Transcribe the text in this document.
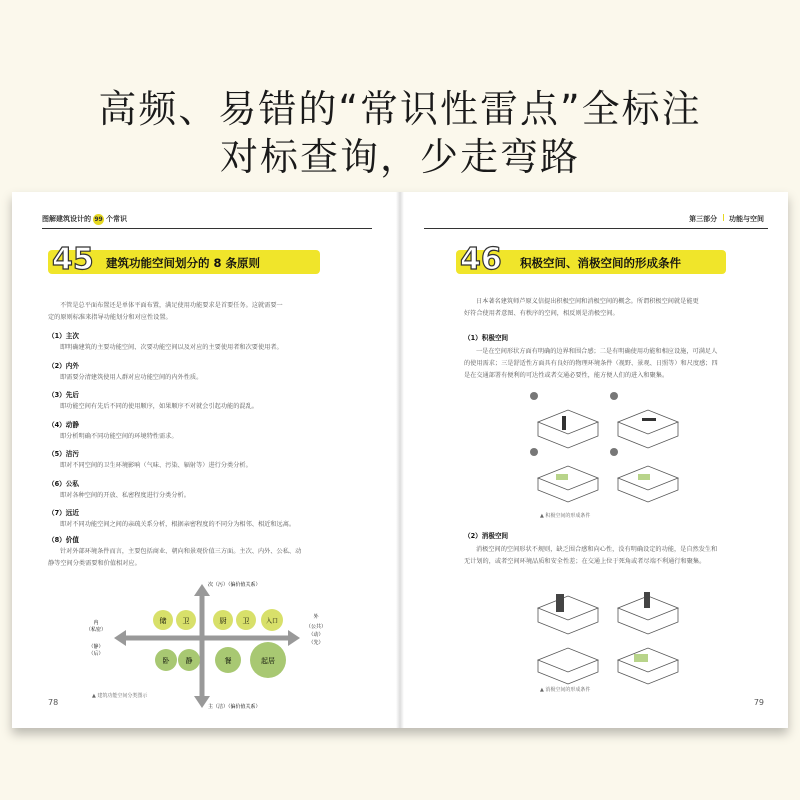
高频、易错的“常识性雷点”全标注
对标查询，少走弯路
图解建筑设计的 99 个常识
45 建筑功能空间划分的 8 条原则
不管是总平面布置还是单体平面布置，满足使用功能要求是首要任务。这就需要一
定的原则标准来指导功能划分和对应性设置。
（1）主次
即明确建筑的主要功能空间、次要功能空间以及对应的主要使用者和次要使用者。
（2）内外
即需要分清建筑使用人群对应功能空间的内外性质。
（3）先后
即功能空间有先后不同的使用顺序，如果顺序不对就会引起功能的混乱。
（4）动静
即分析明确不同功能空间的环境特性需求。
（5）洁污
即对不同空间的卫生环境影响（气味、污染、辐射等）进行分类分析。
（6）公私
即对各种空间的开放、私密程度进行分类分析。
（7）远近
即对不同功能空间之间的亲疏关系分析，根据亲密程度的不同分为相邻、相近和远离。
（8）价值
针对外部环境条件而言，主要包括商业、朝向和景观价值三方面。主次、内外、公私、动
静等空间分类需要和价值相对应。
储 卫	厨 卫	入口
卧 静	餐	起居
次（污）（偏价值关系）
主（洁）（偏价值关系）
内
（私密）
（静）
（后）
外
（公共）
（动）
（先）
▲ 建筑功能空间分类图示
78
第三部分 功能与空间
46 积极空间、消极空间的形成条件
日本著名建筑师芦原义信提出积极空间和消极空间的概念。所谓积极空间就是能更
好符合使用者意图、有秩序的空间，相反则是消极空间。
（1）积极空间
一是在空间形状方面有明确的边界和围合感；二是有明确使用功能和相应设施，可满足人
的使用需求；三是舒适性方面具有良好的物理环境条件（视野、景观、日照等）和尺度感；四
是在交通部署有便利的可达性或者交通必要性，能方便人们的进入和聚集。
▲ 积极空间的形成条件
（2）消极空间
消极空间的空间形状不规则，缺乏围合感和向心性，没有明确设定的功能，是自然发生和
无计划的，或者空间环境品质和安全性差；在交通上位于死角或者尽端不利通行和聚集。
▲ 消极空间的形成条件
79
